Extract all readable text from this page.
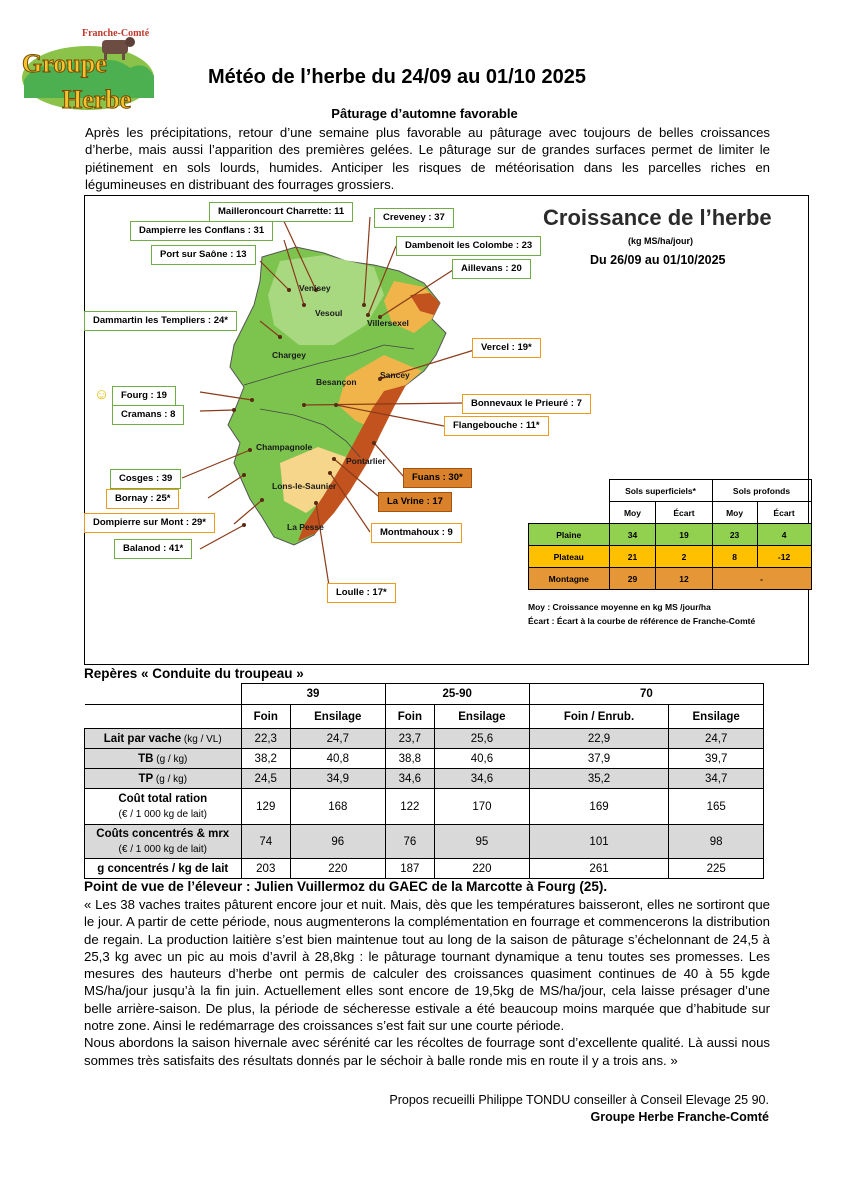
Franche-Comté
Groupe
Herbe
Météo de l’herbe du 24/09 au 01/10 2025
Pâturage d’automne favorable
Après les précipitations, retour d’une semaine plus favorable au pâturage avec toujours de belles croissances d’herbe, mais aussi l’apparition des premières gelées. Le pâturage sur de grandes surfaces permet de limiter le piétinement en sols lourds, humides. Anticiper les risques de météorisation dans les parcelles riches en légumineuses en distribuant des fourrages grossiers.
Venisey
Vesoul
Villersexel
Chargey
Besançon
Sancey
Champagnole
Pontarlier
Lons-le-Saunier
La Pesse
Mailleroncourt Charrette: 11
Creveney : 37
Dampierre les Conflans : 31
Dambenoit les Colombe : 23
Port sur Saône : 13
Aillevans : 20
Dammartin les Templiers : 24*
Vercel : 19*
☺	Fourg : 19
Cramans : 8
Bonnevaux le Prieuré : 7
Flangebouche : 11*
Cosges : 39
Bornay : 25*
Fuans : 30*
La Vrine : 17
Dompierre sur Mont : 29*
Montmahoux : 9
Balanod : 41*
Loulle : 17*
Croissance de l’herbe
(kg MS/ha/jour)
Du 26/09 au 01/10/2025
	Sols superficiels*		Sols profonds	
	Moy	Écart	Moy	Écart
Plaine	34	19	23	4
Plateau	21	2	8	-12
Montagne	29	12	-	
Moy : Croissance moyenne en kg MS /jour/ha
Écart : Écart à la courbe de référence de Franche-Comté
Repères « Conduite du troupeau »
	39		25-90		70	
	Foin	Ensilage	Foin	Ensilage	Foin / Enrub.	Ensilage
Lait par vache (kg / VL)	22,3	24,7	23,7	25,6	22,9	24,7
TB (g / kg)	38,2	40,8	38,8	40,6	37,9	39,7
TP (g / kg)	24,5	34,9	34,6	34,6	35,2	34,7
Coût total ration
(€ / 1 000 kg de lait)	129	168	122	170	169	165
Coûts concentrés & mrx
(€ / 1 000 kg de lait)	74	96	76	95	101	98
g concentrés / kg de lait	203	220	187	220	261	225
Point de vue de l’éleveur : Julien Vuillermoz du GAEC de la Marcotte à Fourg (25).
« Les 38 vaches traites pâturent encore jour et nuit. Mais, dès que les températures baisseront, elles ne sortiront que le jour. A partir de cette période, nous augmenterons la complémentation en fourrage et commencerons la distribution de regain. La production laitière s’est bien maintenue tout au long de la saison de pâturage s’échelonnant de 24,5 à 25,3 kg avec un pic au mois d’avril à 28,8kg : le pâturage tournant dynamique a tenu toutes ses promesses. Les mesures des hauteurs d’herbe ont permis de calculer des croissances quasiment continues de 40 à 55 kgde MS/ha/jour jusqu’à la fin juin. Actuellement elles sont encore de 19,5kg de MS/ha/jour, cela laisse présager d’une belle arrière-saison. De plus, la période de sécheresse estivale a été beaucoup moins marquée que d’habitude sur notre zone. Ainsi le redémarrage des croissances s’est fait sur une courte période.
Nous abordons la saison hivernale avec sérénité car les récoltes de fourrage sont d’excellente qualité. Là aussi nous sommes très satisfaits des résultats donnés par le séchoir à balle ronde mis en route il y a trois ans. »
Propos recueilli Philippe TONDU conseiller à Conseil Elevage 25 90.
Groupe Herbe Franche-Comté
